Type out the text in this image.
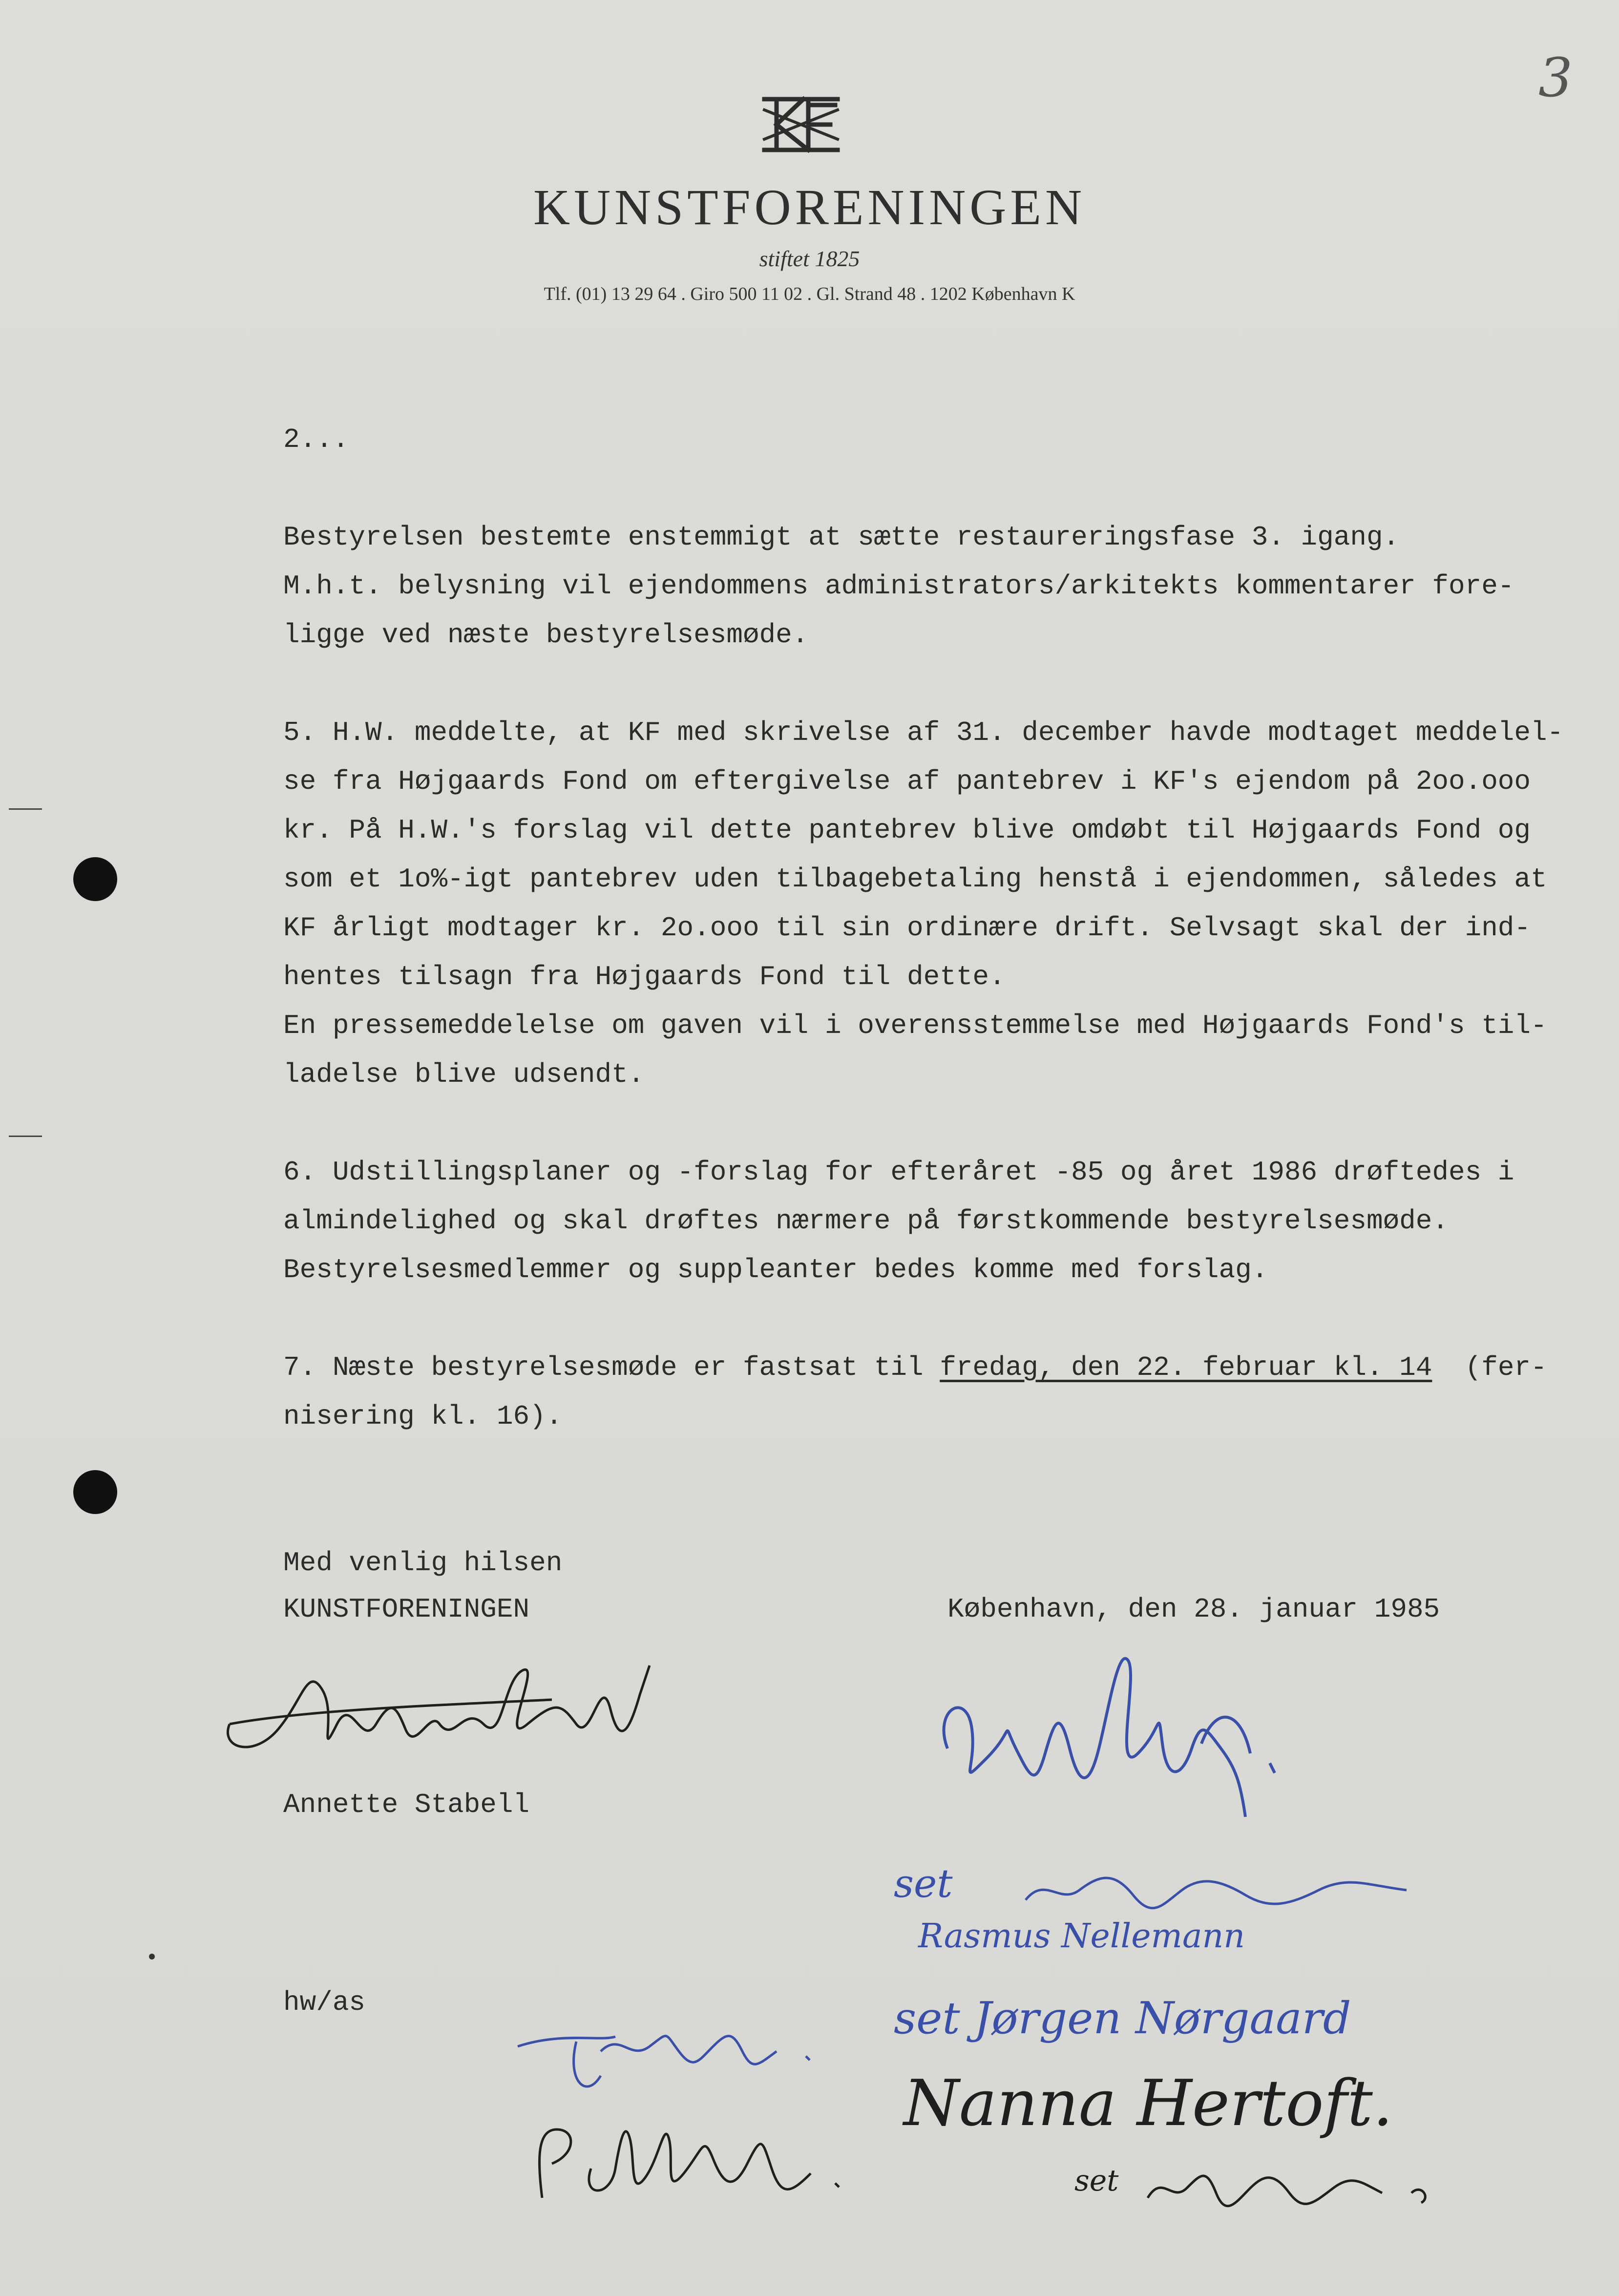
3
KUNSTFORENINGEN
stiftet 1825
Tlf. (01) 13 29 64 . Giro 500 11 02 . Gl. Strand 48 . 1202 København K
2...
Bestyrelsen bestemte enstemmigt at sætte restaureringsfase 3. igang.
M.h.t. belysning vil ejendommens administrators/arkitekts kommentarer fore-
ligge ved næste bestyrelsesmøde.
5. H.W. meddelte, at KF med skrivelse af 31. december havde modtaget meddelel-
se fra Højgaards Fond om eftergivelse af pantebrev i KF's ejendom på 2oo.ooo
kr. På H.W.'s forslag vil dette pantebrev blive omdøbt til Højgaards Fond og
som et 1o%-igt pantebrev uden tilbagebetaling henstå i ejendommen, således at
KF årligt modtager kr. 2o.ooo til sin ordinære drift. Selvsagt skal der ind-
hentes tilsagn fra Højgaards Fond til dette.
En pressemeddelelse om gaven vil i overensstemmelse med Højgaards Fond's til-
ladelse blive udsendt.
6. Udstillingsplaner og -forslag for efteråret -85 og året 1986 drøftedes i
almindelighed og skal drøftes nærmere på førstkommende bestyrelsesmøde.
Bestyrelsesmedlemmer og suppleanter bedes komme med forslag.
7. Næste bestyrelsesmøde er fastsat til fredag, den 22. februar kl. 14  (fer-
nisering kl. 16).
Med venlig hilsen
KUNSTFORENINGEN	København, den 28. januar 1985
Annette Stabell
hw/as
set
Rasmus Nellemann
set Jørgen Nørgaard
Nanna Hertoft.
set
